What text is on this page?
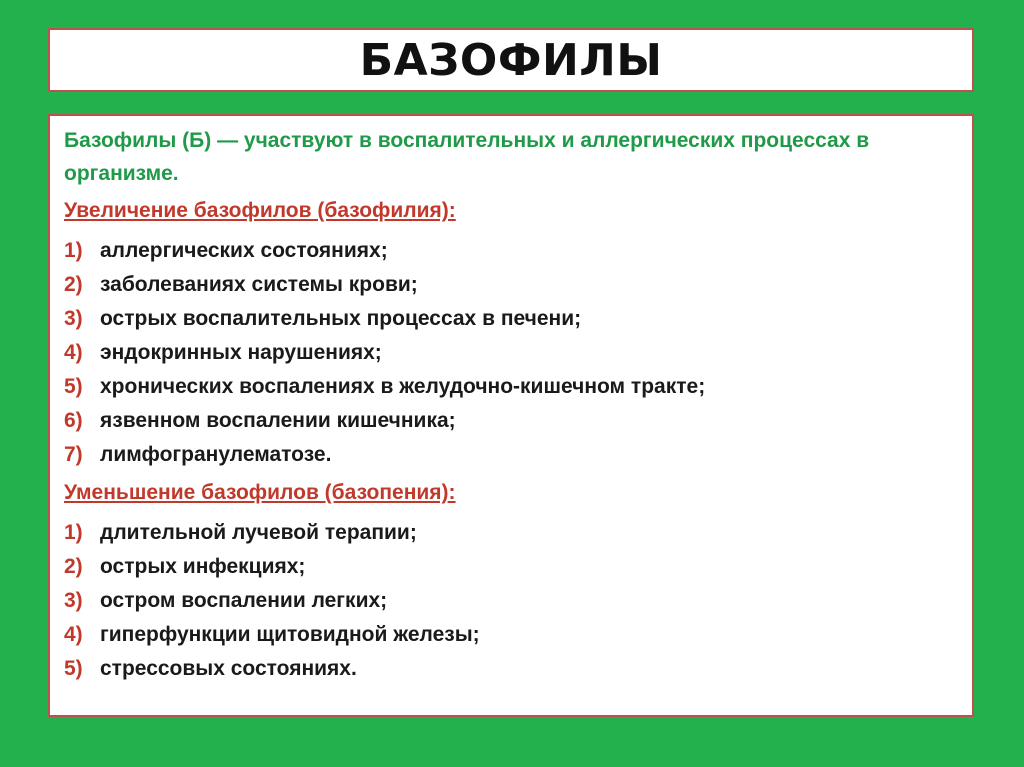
БАЗОФИЛЫ

Базофилы (Б) — участвуют в воспалительных и аллергических процессах в организме.

Увеличение базофилов (базофилия):
1) аллергических состояниях;
2) заболеваниях системы крови;
3) острых воспалительных процессах в печени;
4) эндокринных нарушениях;
5) хронических воспалениях в желудочно-кишечном тракте;
6) язвенном воспалении кишечника;
7) лимфогранулематозе.
Уменьшение базофилов (базопения):
1) длительной лучевой терапии;
2) острых инфекциях;
3) остром воспалении легких;
4) гиперфункции щитовидной железы;
5) стрессовых состояниях.
